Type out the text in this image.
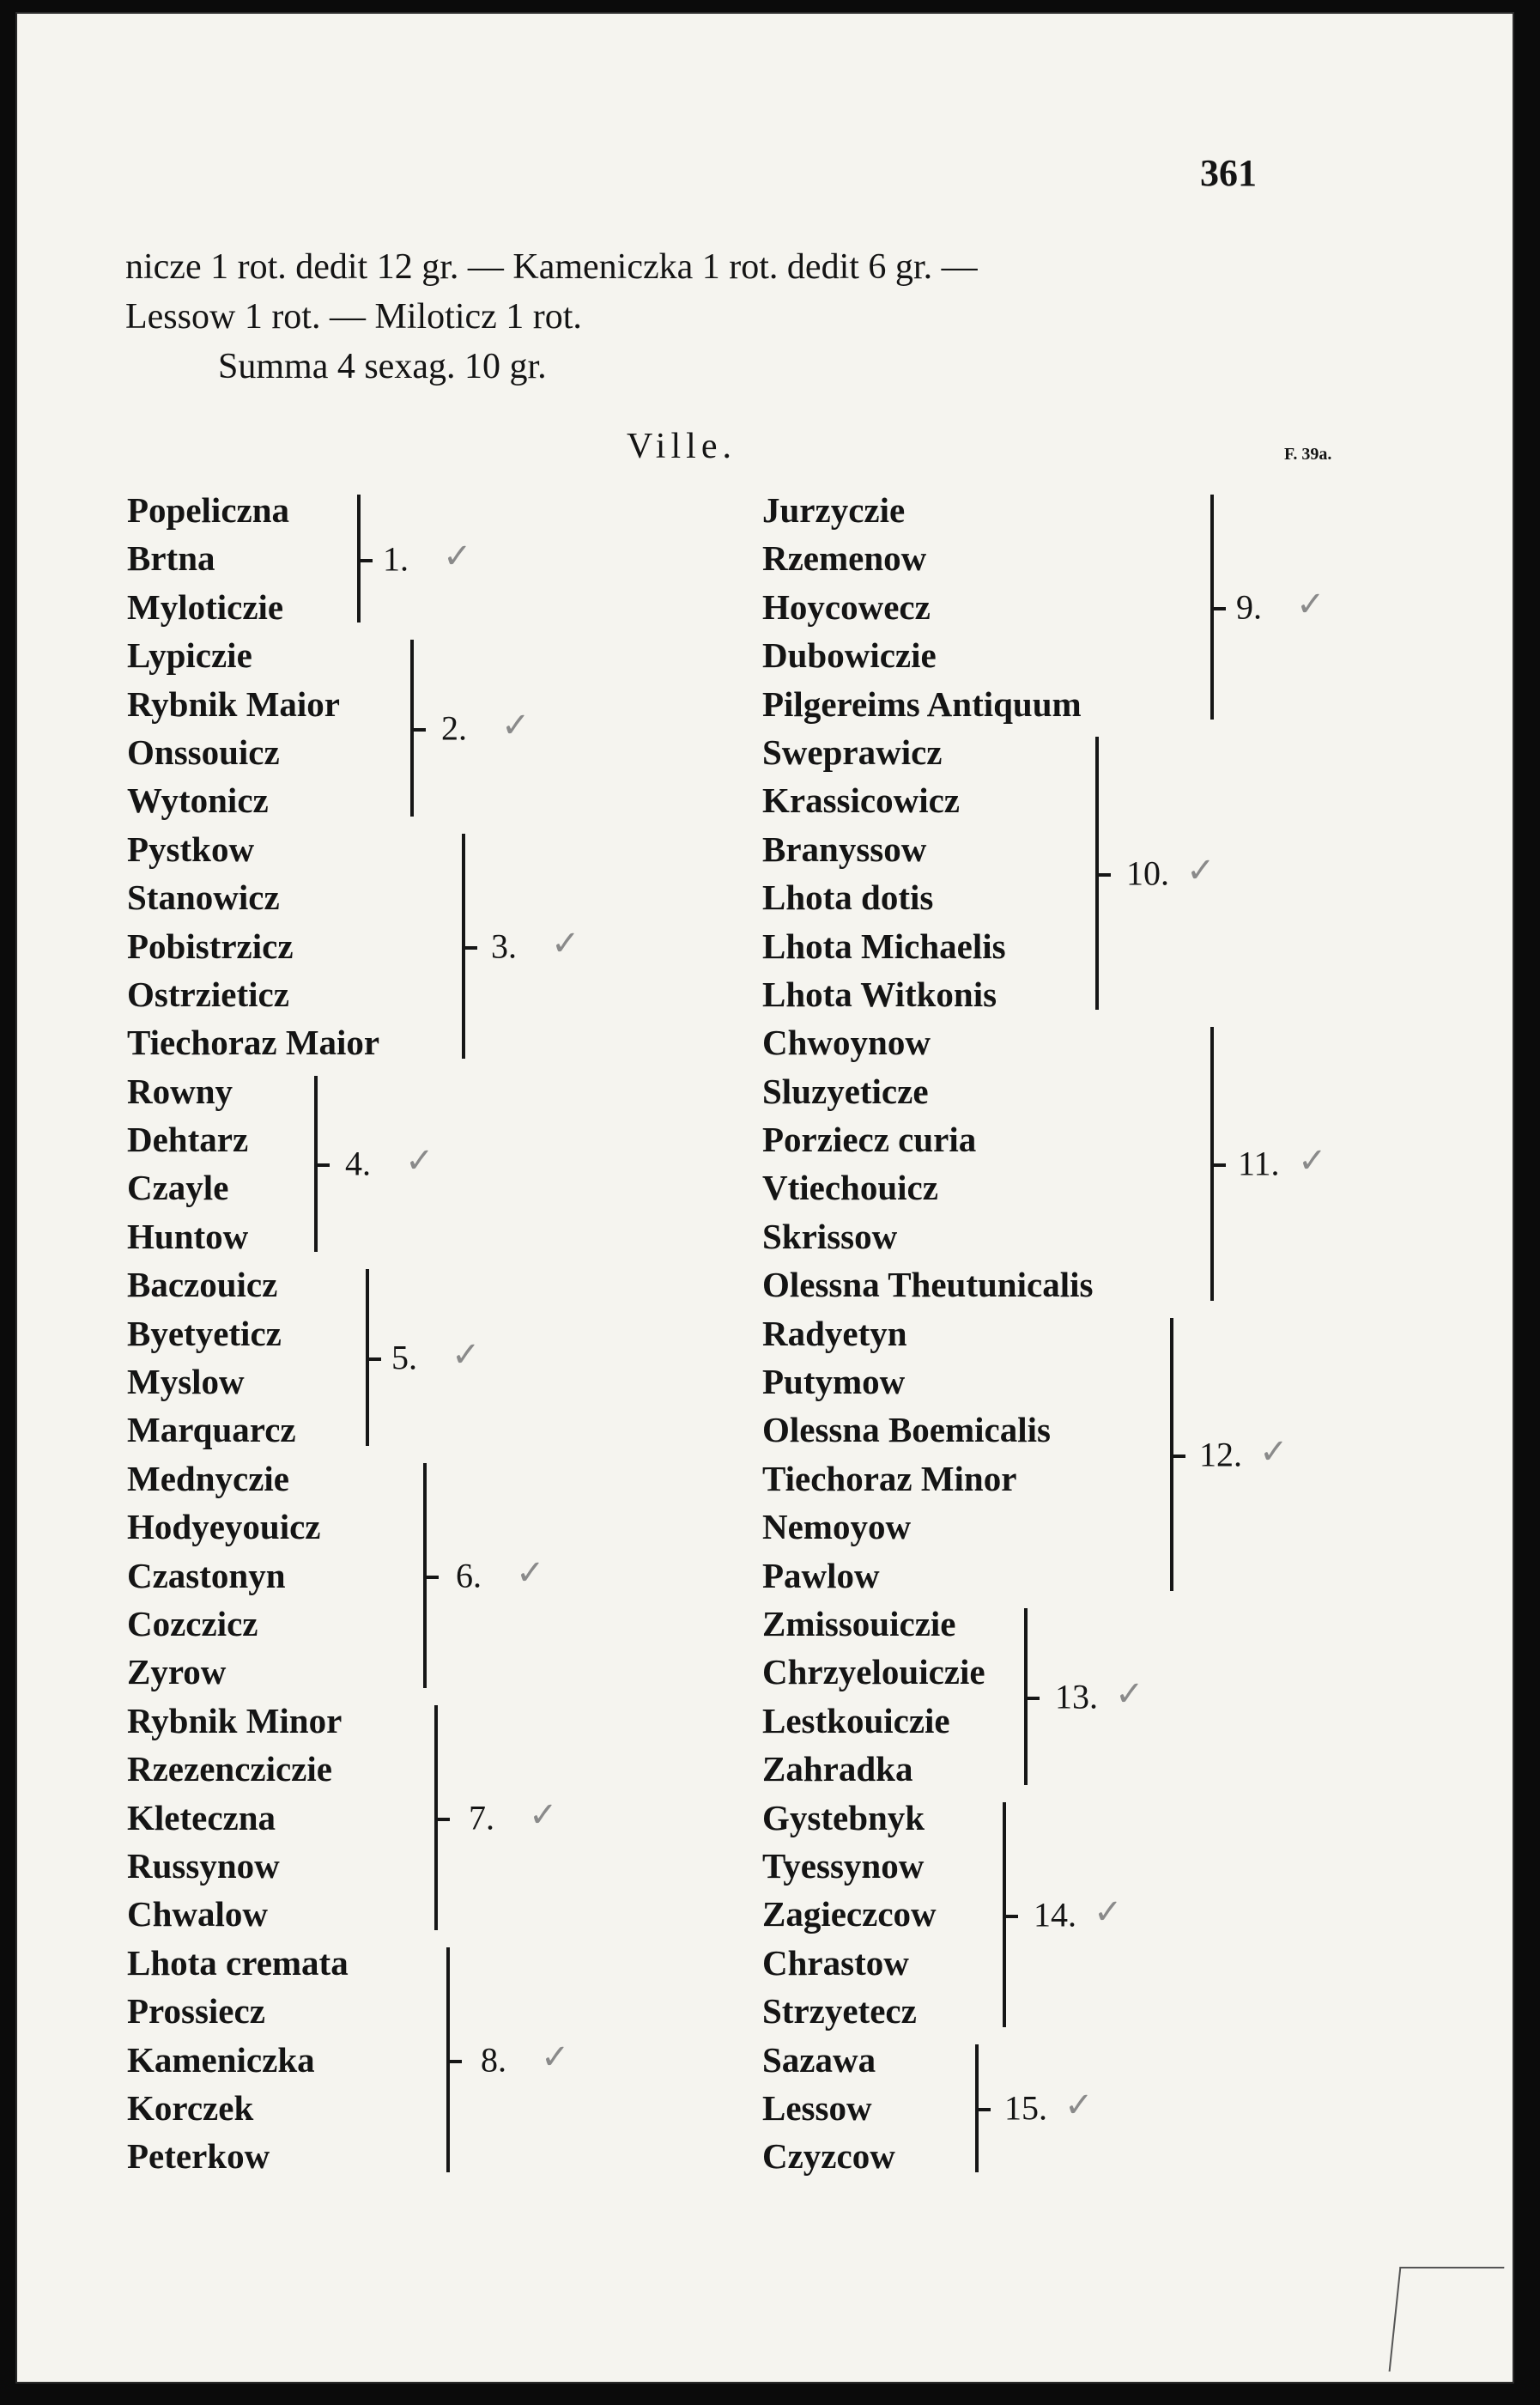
361
nicze 1 rot. dedit 12 gr. — Kameniczka 1 rot. dedit 6 gr. —
Lessow 1 rot. — Miloticz 1 rot.
Summa 4 sexag. 10 gr.
Ville.	F. 39a.
Popeliczna
Brtna
Myloticzie
1. ✓
Lypiczie
Rybnik Maior
Onssouicz
Wytonicz
2. ✓
Pystkow
Stanowicz
Pobistrzicz
Ostrzieticz
Tiechoraz Maior
3. ✓
Rowny
Dehtarz
Czayle
Huntow
4. ✓
Baczouicz
Byetyeticz
Myslow
Marquarcz
5. ✓
Mednyczie
Hodyeyouicz
Czastonyn
Cozczicz
Zyrow
6. ✓
Rybnik Minor
Rzezenczicziе
Kleteczna
Russynow
Chwalow
7. ✓
Lhota cremata
Prossiecz
Kameniczka
Korczek
Peterkow
8. ✓
Jurzyczie
Rzemenow
Hoycowecz
Dubowiczie
Pilgereims Antiquum
9. ✓
Sweprawicz
Krassicowicz
Branyssow
Lhota dotis
Lhota Michaelis
Lhota Witkonis
10. ✓
Chwoynow
Sluzyeticze
Porziecz curia
Vtiechouicz
Skrissow
Olessna Theutunicalis
11. ✓
Radyetyn
Putymow
Olessna Boemicalis
Tiechoraz Minor
Nemoyow
Pawlow
12. ✓
Zmissouiczie
Chrzyelouiczie
Lestkouiczie
Zahradka
13. ✓
Gystebnyk
Tyessynow
Zagieczcow
Chrastow
Strzyetecz
14. ✓
Sazawa
Lessow
Czyzcow
15. ✓
